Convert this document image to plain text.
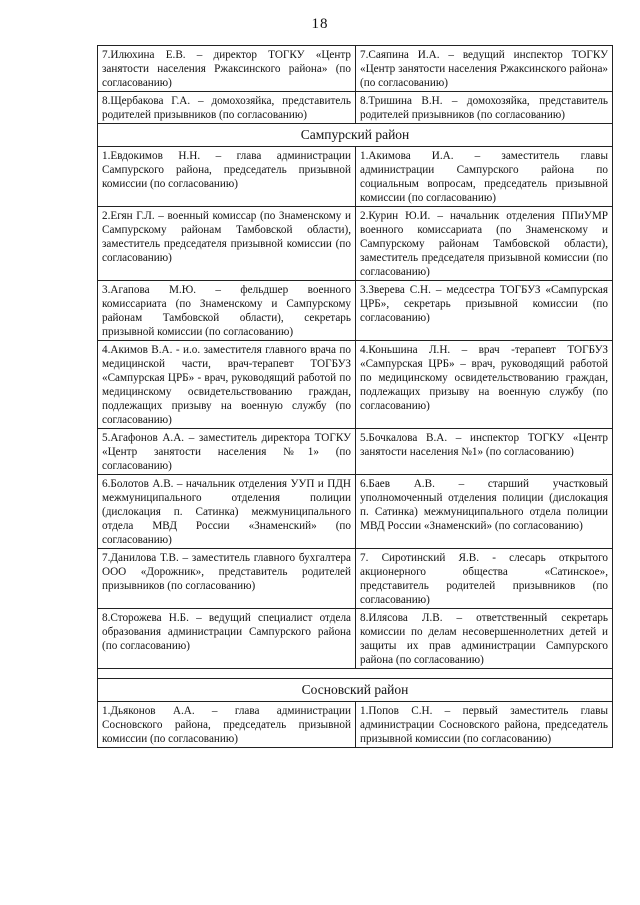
18
7.Илюхина Е.В. – директор ТОГКУ «Центр занятости населения Ржаксинского района» (по согласованию)	7.Саяпина И.А. – ведущий инспектор ТОГКУ «Центр занятости населения Ржаксинского района» (по согласованию)
8.Щербакова Г.А. – домохозяйка, представитель родителей призывников (по согласованию)	8.Тришина В.Н. – домохозяйка, представитель родителей призывников (по согласованию)
Сампурский район	
1.Евдокимов Н.Н. – глава администрации Сампурского района, председатель призывной комиссии (по согласованию)	1.Акимова И.А. – заместитель главы администрации Сампурского района по социальным вопросам, председатель призывной комиссии (по согласованию)
2.Егян Г.Л. – военный комиссар (по Знаменскому и Сампурскому районам Тамбовской области), заместитель председателя призывной комиссии (по согласованию)	2.Курин Ю.И. – начальник отделения ППиУМР военного комиссариата (по Знаменскому и Сампурскому районам Тамбовской области), заместитель председателя призывной комиссии (по согласованию)
3.Агапова М.Ю. – фельдшер военного комиссариата (по Знаменскому и Сампурскому районам Тамбовской области), секретарь призывной комиссии (по согласованию)	3.Зверева С.Н. – медсестра ТОГБУЗ «Сампурская ЦРБ», секретарь призывной комиссии (по согласованию)
4.Акимов В.А. - и.о. заместителя главного врача по медицинской части, врач-терапевт ТОГБУЗ «Сампурская ЦРБ» - врач, руководящий работой по медицинскому освидетельствованию граждан, подлежащих призыву на военную службу (по согласованию)	4.Коньшина Л.Н. – врач -терапевт ТОГБУЗ «Сампурская ЦРБ» – врач, руководящий работой по медицинскому освидетельствованию граждан, подлежащих призыву на военную службу (по согласованию)
5.Агафонов А.А. – заместитель директора ТОГКУ «Центр занятости населения №1» (по согласованию)	5.Бочкалова В.А. – инспектор ТОГКУ «Центр занятости населения №1» (по согласованию)
6.Болотов А.В. – начальник отделения УУП и ПДН межмуниципального отделения полиции (дислокация п. Сатинка) межмуниципального отдела МВД России «Знаменский» (по согласованию)	6.Баев А.В. – старший участковый уполномоченный отделения полиции (дислокация п. Сатинка) межмуниципального отдела полиции МВД России «Знаменский» (по согласованию)
7.Данилова Т.В. – заместитель главного бухгалтера ООО «Дорожник», представитель родителей призывников (по согласованию)	7. Сиротинский Я.В. - слесарь открытого акционерного общества «Сатинское», представитель родителей призывников (по согласованию)
8.Сторожева Н.Б. – ведущий специалист отдела образования администрации Сампурского района (по согласованию)	8.Илясова Л.В. – ответственный секретарь комиссии по делам несовершеннолетних детей и защиты их прав администрации Сампурского района (по согласованию)

Сосновский район	
1.Дьяконов А.А. – глава администрации Сосновского района, председатель призывной комиссии (по согласованию)	1.Попов С.Н. – первый заместитель главы администрации Сосновского района, председатель призывной комиссии (по согласованию)
